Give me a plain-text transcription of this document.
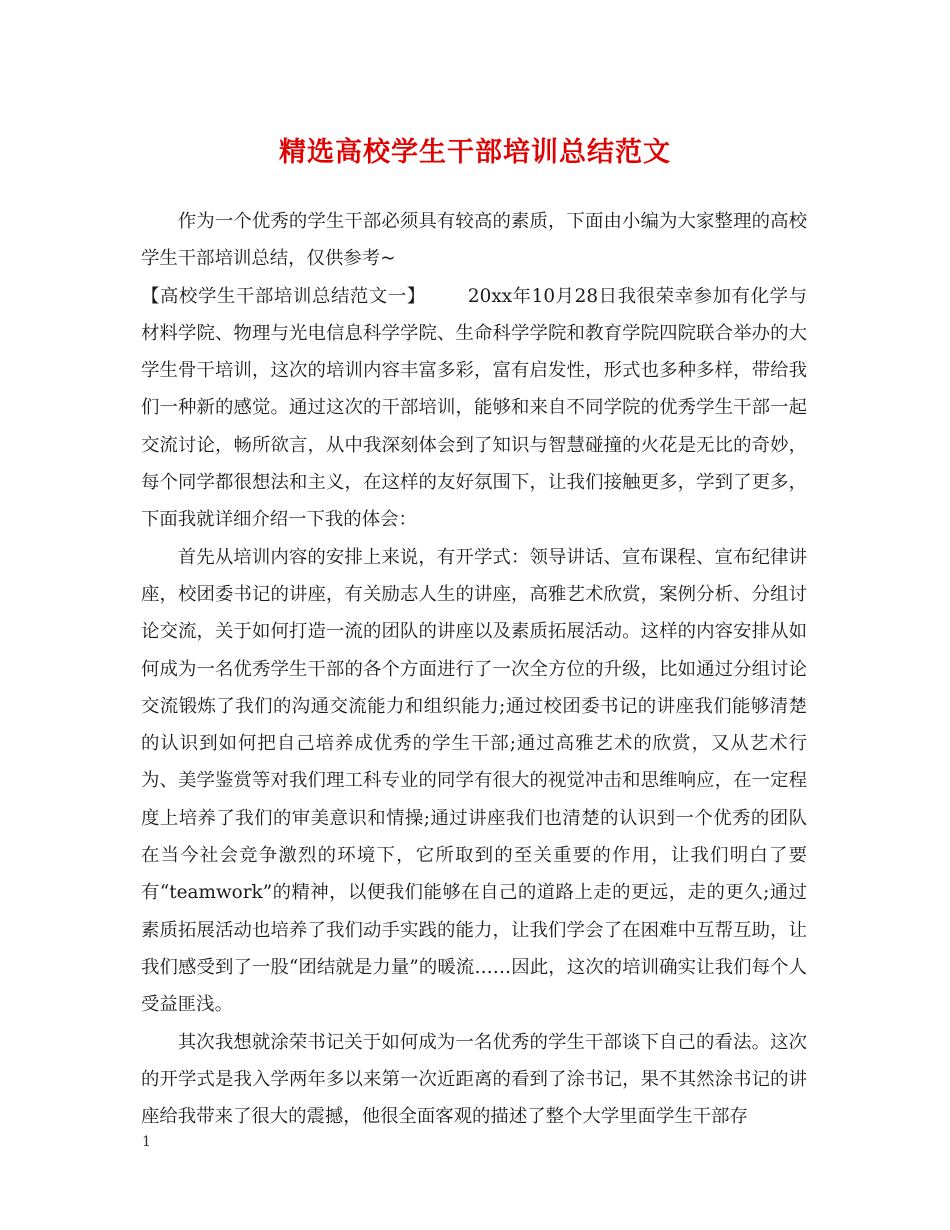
精选高校学生干部培训总结范文

作为一个优秀的学生干部必须具有较高的素质，下面由小编为大家整理的高校学生干部培训总结，仅供参考~

【高校学生干部培训总结范文一】 20xx年10月28日我很荣幸参加有化学与材料学院、物理与光电信息科学学院、生命科学学院和教育学院四院联合举办的大学生骨干培训，这次的培训内容丰富多彩，富有启发性，形式也多种多样，带给我们一种新的感觉。通过这次的干部培训，能够和来自不同学院的优秀学生干部一起交流讨论，畅所欲言，从中我深刻体会到了知识与智慧碰撞的火花是无比的奇妙，每个同学都很想法和主义，在这样的友好氛围下，让我们接触更多，学到了更多，下面我就详细介绍一下我的体会：

首先从培训内容的安排上来说，有开学式：领导讲话、宣布课程、宣布纪律讲座，校团委书记的讲座，有关励志人生的讲座，高雅艺术欣赏，案例分析、分组讨论交流，关于如何打造一流的团队的讲座以及素质拓展活动。这样的内容安排从如何成为一名优秀学生干部的各个方面进行了一次全方位的升级，比如通过分组讨论交流锻炼了我们的沟通交流能力和组织能力;通过校团委书记的讲座我们能够清楚的认识到如何把自己培养成优秀的学生干部;通过高雅艺术的欣赏，又从艺术行为、美学鉴赏等对我们理工科专业的同学有很大的视觉冲击和思维响应，在一定程度上培养了我们的审美意识和情操;通过讲座我们也清楚的认识到一个优秀的团队在当今社会竞争激烈的环境下，它所取到的至关重要的作用，让我们明白了要有“teamwork”的精神，以便我们能够在自己的道路上走的更远，走的更久;通过素质拓展活动也培养了我们动手实践的能力，让我们学会了在困难中互帮互助，让我们感受到了一股“团结就是力量”的暖流……因此，这次的培训确实让我们每个人受益匪浅。

其次我想就涂荣书记关于如何成为一名优秀的学生干部谈下自己的看法。这次的开学式是我入学两年多以来第一次近距离的看到了涂书记，果不其然涂书记的讲座给我带来了很大的震撼，他很全面客观的描述了整个大学里面学生干部存

1
